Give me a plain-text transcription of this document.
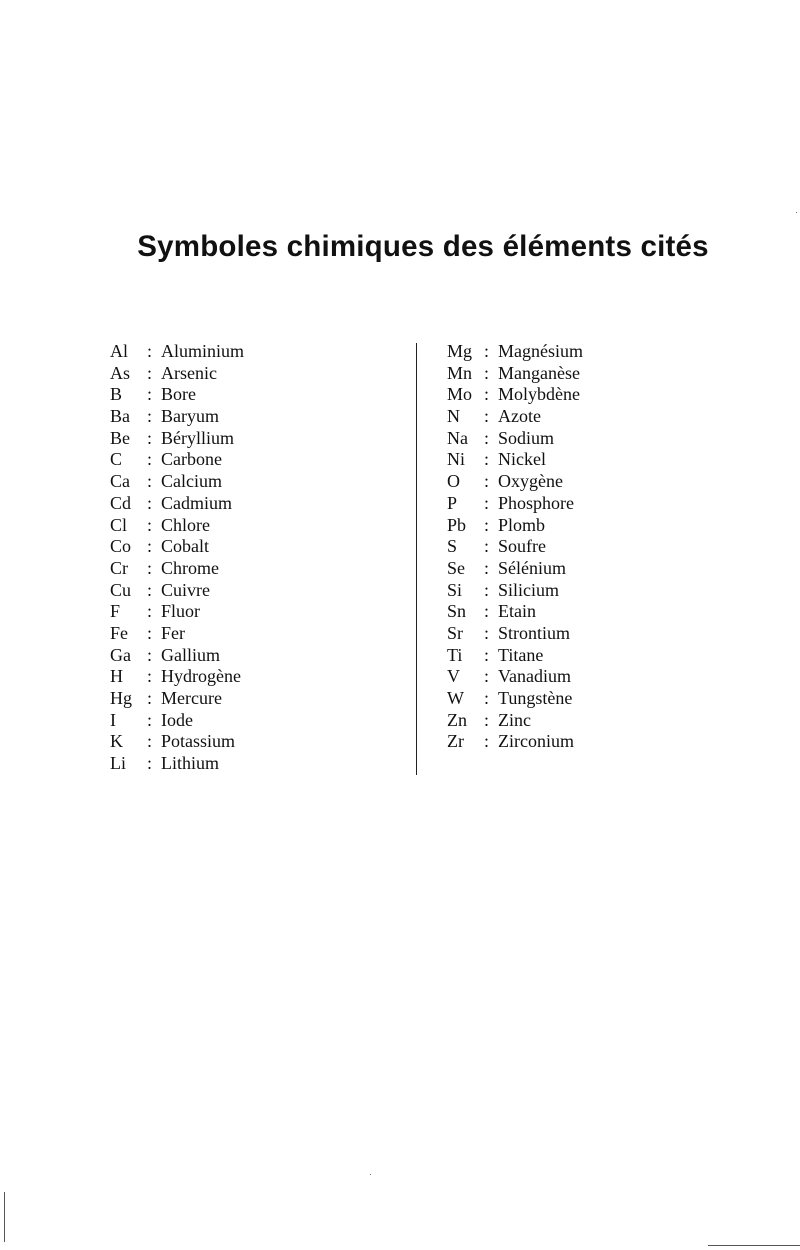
Symboles chimiques des éléments cités
Al	: Aluminium
As : Arsenic
B	: Bore
Ba : Baryum
Be : Béryllium
C	: Carbone
Ca : Calcium
Cd : Cadmium
Cl	: Chlore
Co : Cobalt
Cr	: Chrome
Cu : Cuivre
F	: Fluor
Fe	: Fer
Ga : Gallium
H	: Hydrogène
Hg : Mercure
I	: Iode
K	: Potassium
Li	: Lithium
Mg : Magnésium
Mn : Manganèse
Mo : Molybdène
N	: Azote
Na : Sodium
Ni	: Nickel
O	: Oxygène
P	: Phosphore
Pb : Plomb
S	: Soufre
Se	: Sélénium
Si	: Silicium
Sn : Etain
Sr	: Strontium
Ti	: Titane
V	: Vanadium
W	: Tungstène
Zn : Zinc
Zr	: Zirconium
